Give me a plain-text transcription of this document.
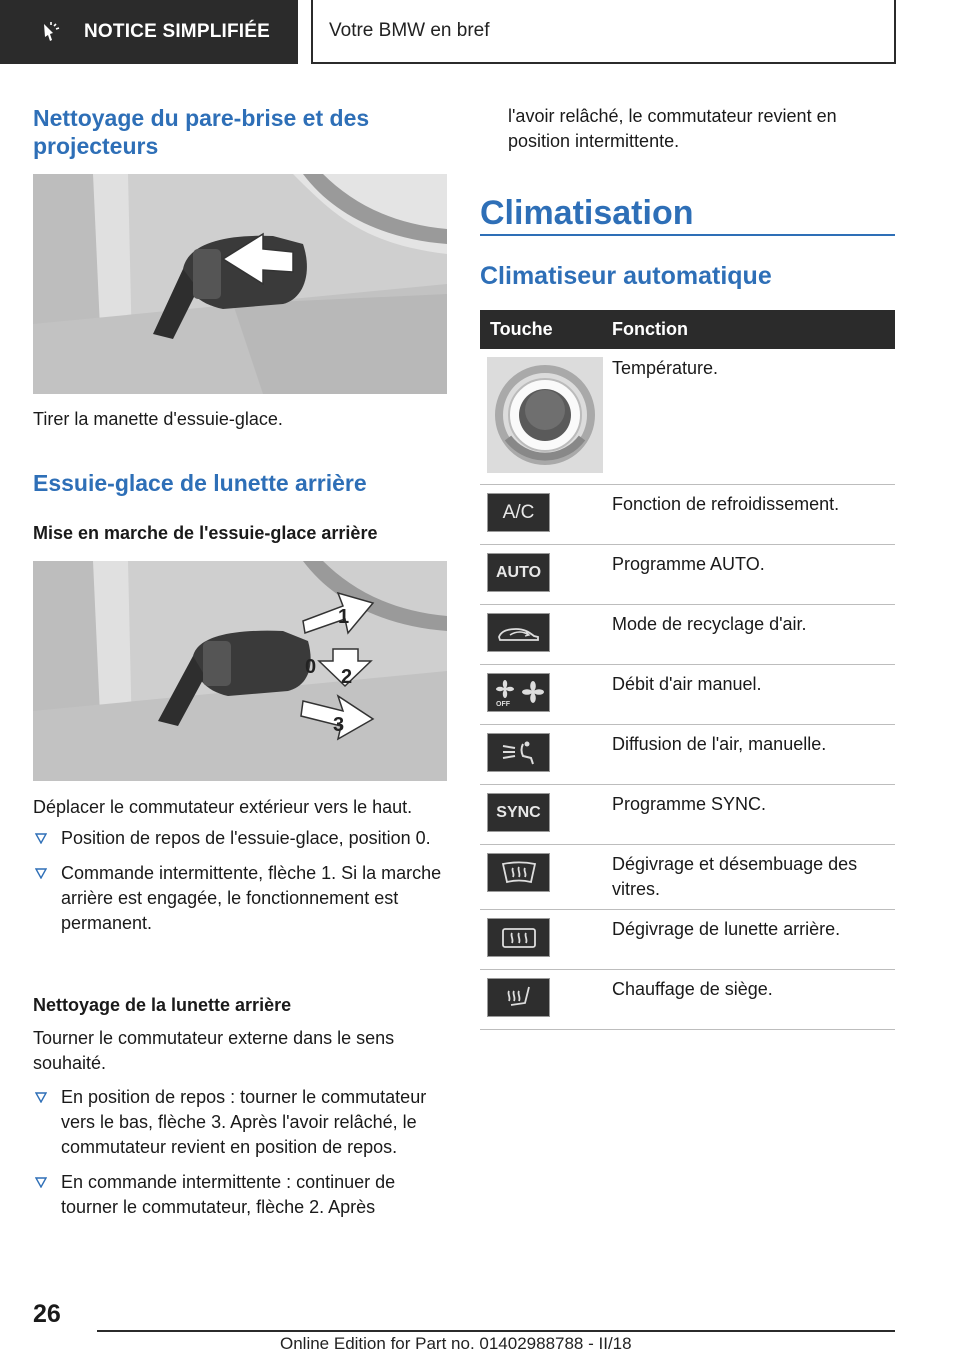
NOTICE SIMPLIFIÉE	Votre BMW en bref
Nettoyage du pare-brise et des projecteurs
Tirer la manette d'essuie-glace.
Essuie-glace de lunette arrière
Mise en marche de l'essuie-glace arrière
1
0 2
3
Déplacer le commutateur extérieur vers le haut.
Position de repos de l'essuie-glace, position 0.
Commande intermittente, flèche 1. Si la marche arrière est engagée, le fonctionnement est permanent.
Nettoyage de la lunette arrière
Tourner le commutateur externe dans le sens souhaité.
En position de repos : tourner le commutateur vers le bas, flèche 3. Après l'avoir relâché, le commutateur revient en position de repos.
En commande intermittente : continuer de tourner le commutateur, flèche 2. Après
l'avoir relâché, le commutateur revient en position intermittente.
Climatisation
Climatiseur automatique
Touche	Fonction
Température.
A/C	Fonction de refroidissement.
AUTO	Programme AUTO.
Mode de recyclage d'air.
OFF
Débit d'air manuel.
Diffusion de l'air, manuelle.
SYNC	Programme SYNC.
Dégivrage et désembuage des vitres.
Dégivrage de lunette arrière.
Chauffage de siège.
26
Online Edition for Part no. 01402988788 - II/18
